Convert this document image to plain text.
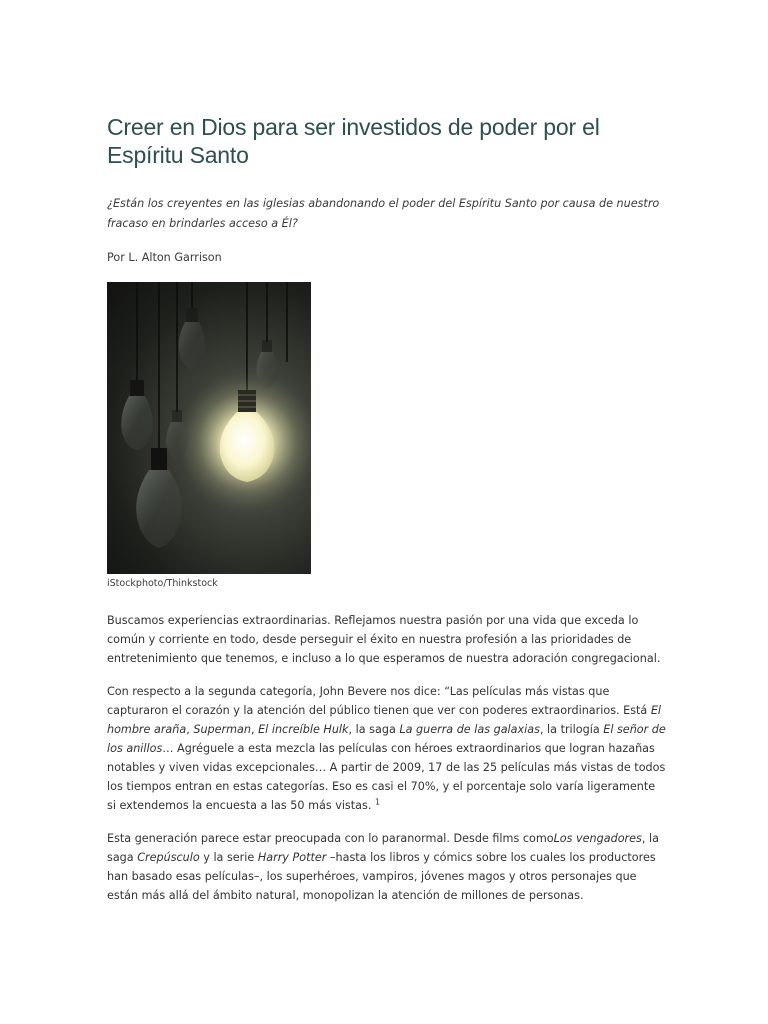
Creer en Dios para ser investidos de poder por el Espíritu Santo
¿Están los creyentes en las iglesias abandonando el poder del Espíritu Santo por causa de nuestro fracaso en brindarles acceso a Él?
Por L. Alton Garrison
iStockphoto/Thinkstock

Buscamos experiencias extraordinarias. Reflejamos nuestra pasión por una vida que exceda lo común y corriente en todo, desde perseguir el éxito en nuestra profesión a las prioridades de entretenimiento que tenemos, e incluso a lo que esperamos de nuestra adoración congregacional.

Con respecto a la segunda categoría, John Bevere nos dice: “Las películas más vistas que capturaron el corazón y la atención del público tienen que ver con poderes extraordinarios. Está El hombre araña, Superman, El increíble Hulk, la saga La guerra de las galaxias, la trilogía El señor de los anillos… Agréguele a esta mezcla las películas con héroes extraordinarios que logran hazañas notables y viven vidas excepcionales… A partir de 2009, 17 de las 25 películas más vistas de todos los tiempos entran en estas categorías. Eso es casi el 70%, y el porcentaje solo varía ligeramente si extendemos la encuesta a las 50 más vistas. $^1$

Esta generación parece estar preocupada con lo paranormal. Desde films comoLos vengadores, la saga Crepúsculo y la serie Harry Potter –hasta los libros y cómics sobre los cuales los productores han basado esas películas–, los superhéroes, vampiros, jóvenes magos y otros personajes que están más allá del ámbito natural, monopolizan la atención de millones de personas.
